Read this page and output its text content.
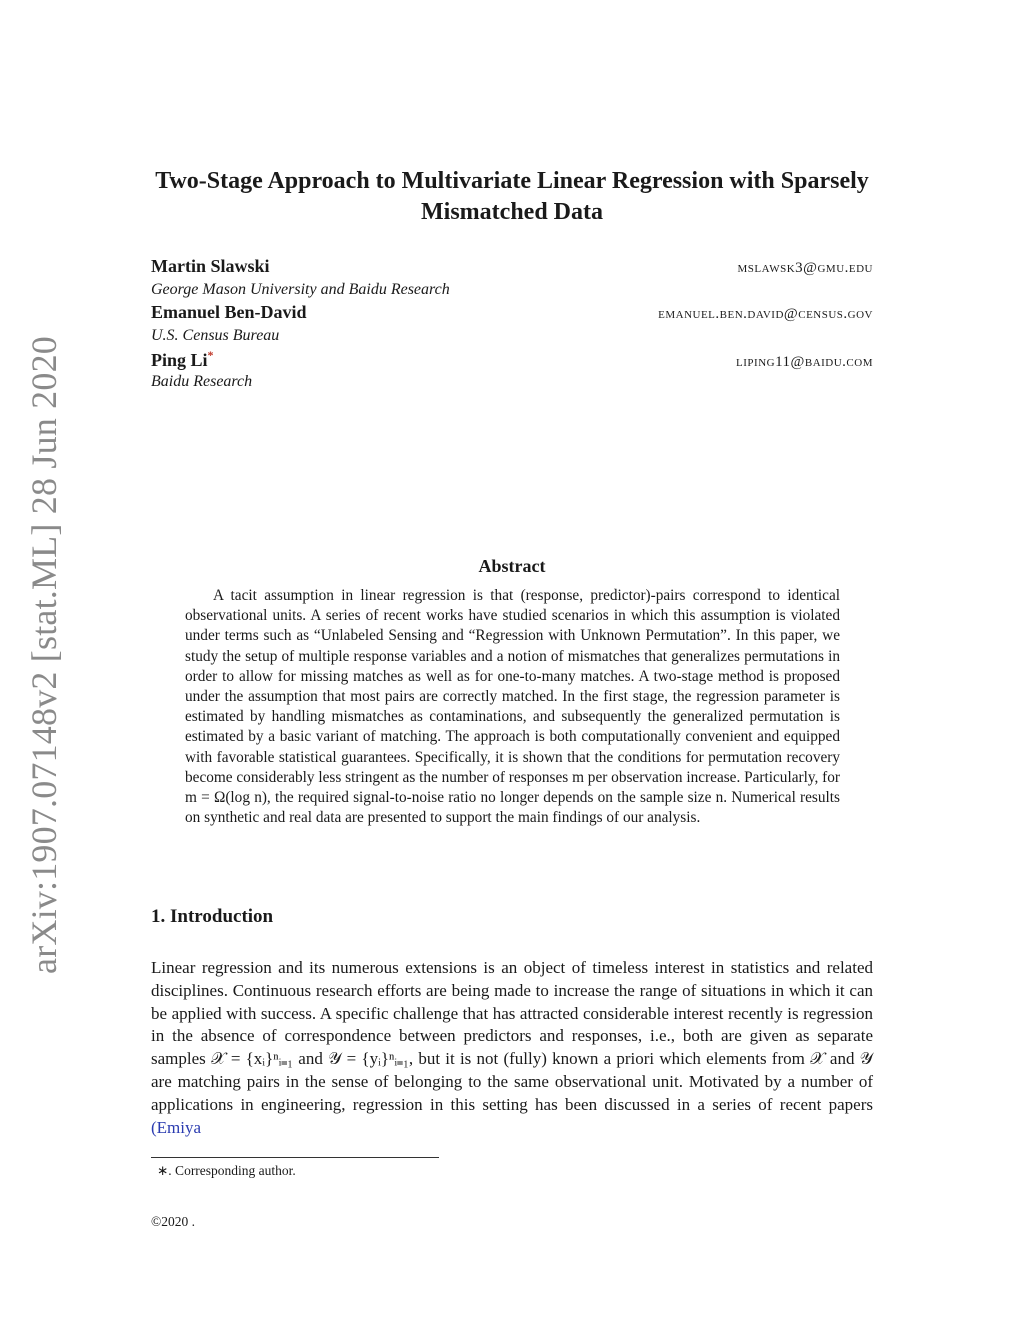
arXiv:1907.07148v2 [stat.ML] 28 Jun 2020
Two-Stage Approach to Multivariate Linear Regression with Sparsely Mismatched Data
Martin Slawski	mslawsk3@gmu.edu
George Mason University and Baidu Research
Emanuel Ben-David	emanuel.ben.david@census.gov
U.S. Census Bureau
Ping Li*	liping11@baidu.com
Baidu Research
Abstract

A tacit assumption in linear regression is that (response, predictor)-pairs correspond to identical observational units. A series of recent works have studied scenarios in which this assumption is violated under terms such as “Unlabeled Sensing and “Regression with Unknown Permutation”. In this paper, we study the setup of multiple response variables and a notion of mismatches that generalizes permutations in order to allow for missing matches as well as for one-to-many matches. A two-stage method is proposed under the assumption that most pairs are correctly matched. In the first stage, the regression parameter is estimated by handling mismatches as contaminations, and subsequently the generalized permutation is estimated by a basic variant of matching. The approach is both computationally convenient and equipped with favorable statistical guarantees. Specifically, it is shown that the conditions for permutation recovery become considerably less stringent as the number of responses m per observation increase. Particularly, for m = Ω(log n), the required signal-to-noise ratio no longer depends on the sample size n. Numerical results on synthetic and real data are presented to support the main findings of our analysis.

1. Introduction

Linear regression and its numerous extensions is an object of timeless interest in statistics and related disciplines. Continuous research efforts are being made to increase the range of situations in which it can be applied with success. A specific challenge that has attracted considerable interest recently is regression in the absence of correspondence between predictors and responses, i.e., both are given as separate samples 𝒳 = {xᵢ}ⁿᵢ₌₁ and 𝒴 = {yᵢ}ⁿᵢ₌₁, but it is not (fully) known a priori which elements from 𝒳 and 𝒴 are matching pairs in the sense of belonging to the same observational unit. Motivated by a number of applications in engineering, regression in this setting has been discussed in a series of recent papers (Emiya

∗. Corresponding author.
©2020 .
